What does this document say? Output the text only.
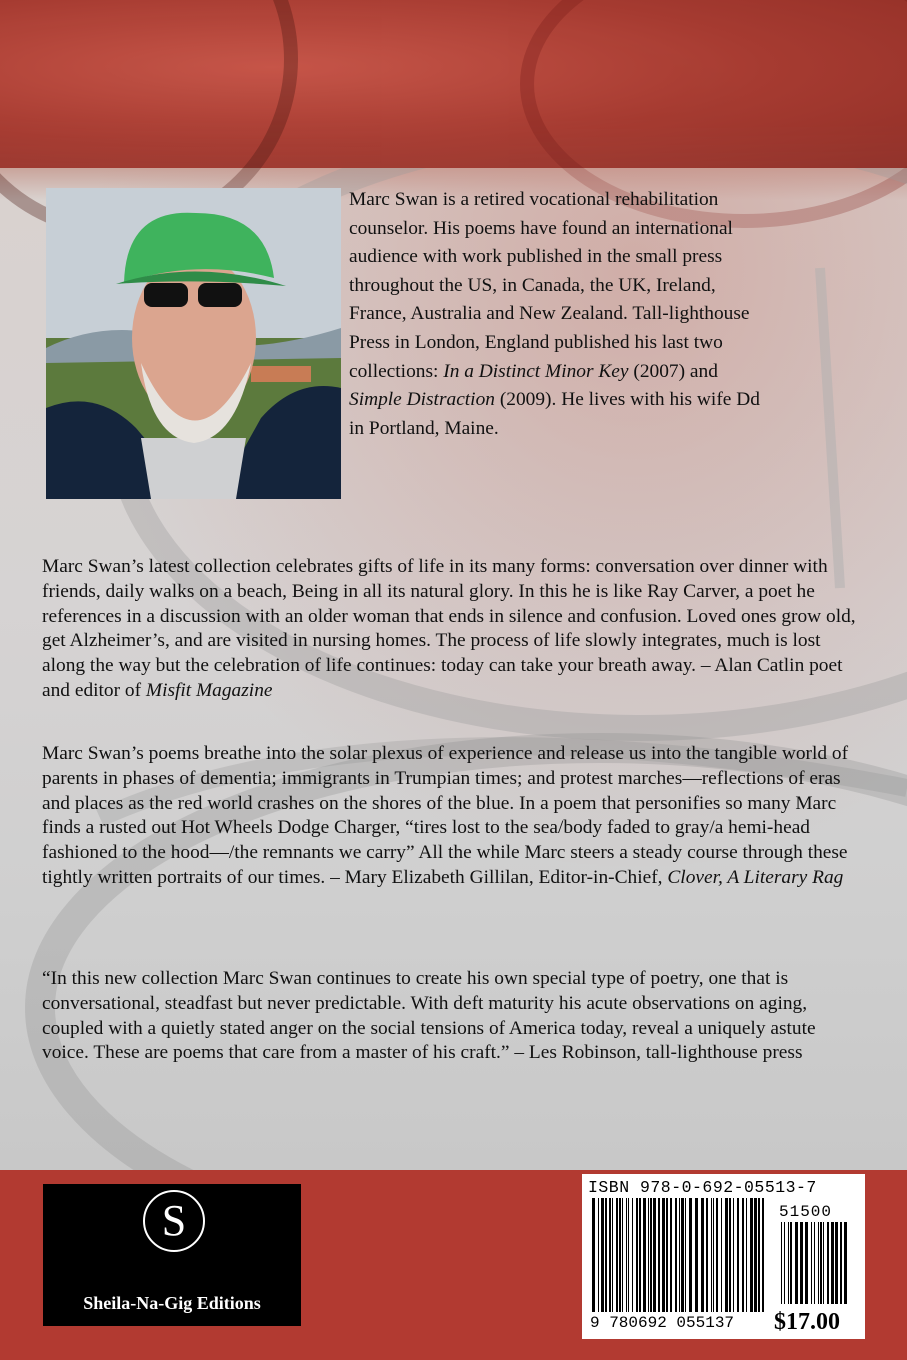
Marc Swan is a retired vocational rehabilitation
counselor. His poems have found an international
audience with work published in the small press
throughout the US, in Canada, the UK, Ireland,
France, Australia and New Zealand. Tall-lighthouse
Press in London, England published his last two
collections: In a Distinct Minor Key (2007) and
Simple Distraction (2009). He lives with his wife Dd
in Portland, Maine.
Marc Swan’s latest collection celebrates gifts of life in its many forms: conversation over dinner with friends, daily walks on a beach, Being in all its natural glory. In this he is like Ray Carver, a poet he references in a discussion with an older woman that ends in silence and confusion. Loved ones grow old, get Alzheimer’s, and are visited in nursing homes. The process of life slowly integrates, much is lost along the way but the celebration of life continues: today can take your breath away. – Alan Catlin poet and editor of Misfit Magazine
Marc Swan’s poems breathe into the solar plexus of experience and release us into the tangible world of parents in phases of dementia; immigrants in Trumpian times; and protest marches—reflections of eras and places as the red world crashes on the shores of the blue. In a poem that personifies so many Marc finds a rusted out Hot Wheels Dodge Charger, “tires lost to the sea/body faded to gray/a hemi-head fashioned to the hood—/the remnants we carry” All the while Marc steers a steady course through these tightly written portraits of our times. – Mary Elizabeth Gillilan, Editor-in-Chief, Clover, A Literary Rag
“In this new collection Marc Swan continues to create his own special type of poetry, one that is conversational, steadfast but never predictable. With deft maturity his acute observations on aging, coupled with a quietly stated anger on the social tensions of America today, reveal a uniquely astute voice. These are poems that care from a master of his craft.” – Les Robinson, tall-lighthouse press
S
Sheila-Na-Gig Editions
ISBN 978-0-692-05513-7
51500
9 780692 055137 $17.00
